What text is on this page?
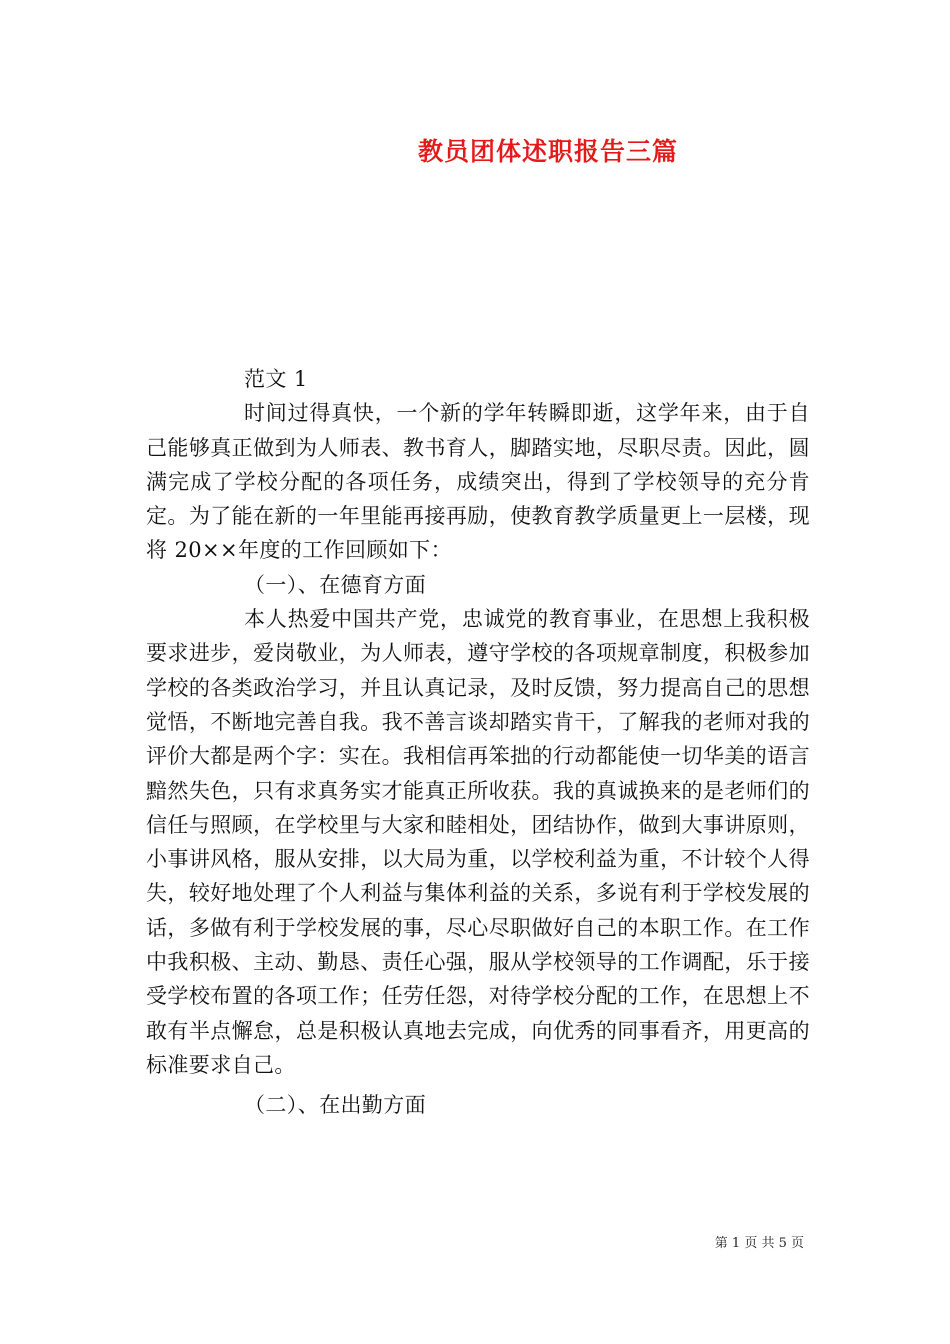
教员团体述职报告三篇

范文 1

时间过得真快，一个新的学年转瞬即逝，这学年来，由于自己能够真正做到为人师表、教书育人，脚踏实地，尽职尽责。因此，圆满完成了学校分配的各项任务，成绩突出，得到了学校领导的充分肯定。为了能在新的一年里能再接再励，使教育教学质量更上一层楼，现将 20××年度的工作回顾如下：

（一）、在德育方面

本人热爱中国共产党，忠诚党的教育事业，在思想上我积极要求进步，爱岗敬业，为人师表，遵守学校的各项规章制度，积极参加学校的各类政治学习，并且认真记录，及时反馈，努力提高自己的思想觉悟，不断地完善自我。我不善言谈却踏实肯干，了解我的老师对我的评价大都是两个字：实在。我相信再笨拙的行动都能使一切华美的语言黯然失色，只有求真务实才能真正所收获。我的真诚换来的是老师们的信任与照顾，在学校里与大家和睦相处，团结协作，做到大事讲原则，小事讲风格，服从安排，以大局为重，以学校利益为重，不计较个人得失，较好地处理了个人利益与集体利益的关系，多说有利于学校发展的话，多做有利于学校发展的事，尽心尽职做好自己的本职工作。在工作中我积极、主动、勤恳、责任心强，服从学校领导的工作调配，乐于接受学校布置的各项工作；任劳任怨，对待学校分配的工作，在思想上不敢有半点懈怠，总是积极认真地去完成，向优秀的同事看齐，用更高的标准要求自己。

（二）、在出勤方面

第 1 页 共 5 页
